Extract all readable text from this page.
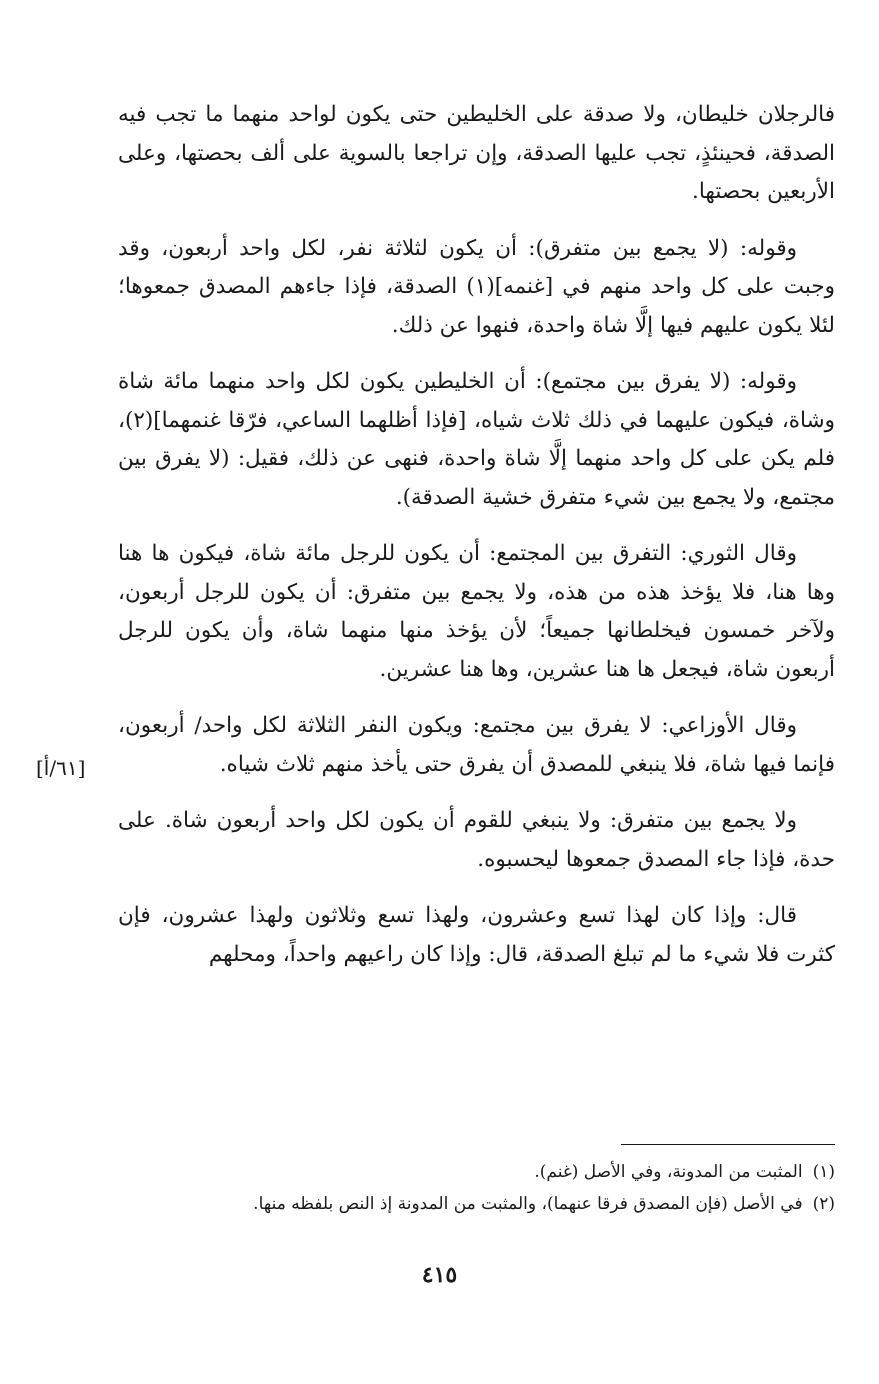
فالرجلان خليطان، ولا صدقة على الخليطين حتى يكون لواحد منهما ما تجب فيه الصدقة، فحينئذٍ، تجب عليها الصدقة، وإن تراجعا بالسوية على ألف بحصتها، وعلى الأربعين بحصتها.

وقوله: (لا يجمع بين متفرق): أن يكون لثلاثة نفر، لكل واحد أربعون، وقد وجبت على كل واحد منهم في [غنمه](١) الصدقة، فإذا جاءهم المصدق جمعوها؛ لئلا يكون عليهم فيها إلَّا شاة واحدة، فنهوا عن ذلك.

وقوله: (لا يفرق بين مجتمع): أن الخليطين يكون لكل واحد منهما مائة شاة وشاة، فيكون عليهما في ذلك ثلاث شياه، [فإذا أظلهما الساعي، فرّقا غنمهما](٢)، فلم يكن على كل واحد منهما إلَّا شاة واحدة، فنهى عن ذلك، فقيل: (لا يفرق بين مجتمع، ولا يجمع بين شيء متفرق خشية الصدقة).

وقال الثوري: التفرق بين المجتمع: أن يكون للرجل مائة شاة، فيكون ها هنا وها هنا، فلا يؤخذ هذه من هذه، ولا يجمع بين متفرق: أن يكون للرجل أربعون، ولآخر خمسون فيخلطانها جميعاً؛ لأن يؤخذ منها منهما شاة، وأن يكون للرجل أربعون شاة، فيجعل ها هنا عشرين، وها هنا عشرين.

وقال الأوزاعي: لا يفرق بين مجتمع: ويكون النفر الثلاثة لكل واحد/ أربعون، فإنما فيها شاة، فلا ينبغي للمصدق أن يفرق حتى يأخذ منهم ثلاث شياه.

ولا يجمع بين متفرق: ولا ينبغي للقوم أن يكون لكل واحد أربعون شاة. على حدة، فإذا جاء المصدق جمعوها ليحسبوه.

قال: وإذا كان لهذا تسع وعشرون، ولهذا تسع وثلاثون ولهذا عشرون، فإن كثرت فلا شيء ما لم تبلغ الصدقة، قال: وإذا كان راعيهم واحداً، ومحلهم

[٦١/أ]

(١)المثبت من المدونة، وفي الأصل (غنم).

(٢)في الأصل (فإن المصدق فرقا عنهما)، والمثبت من المدونة إذ النص بلفظه منها.

٤١٥
